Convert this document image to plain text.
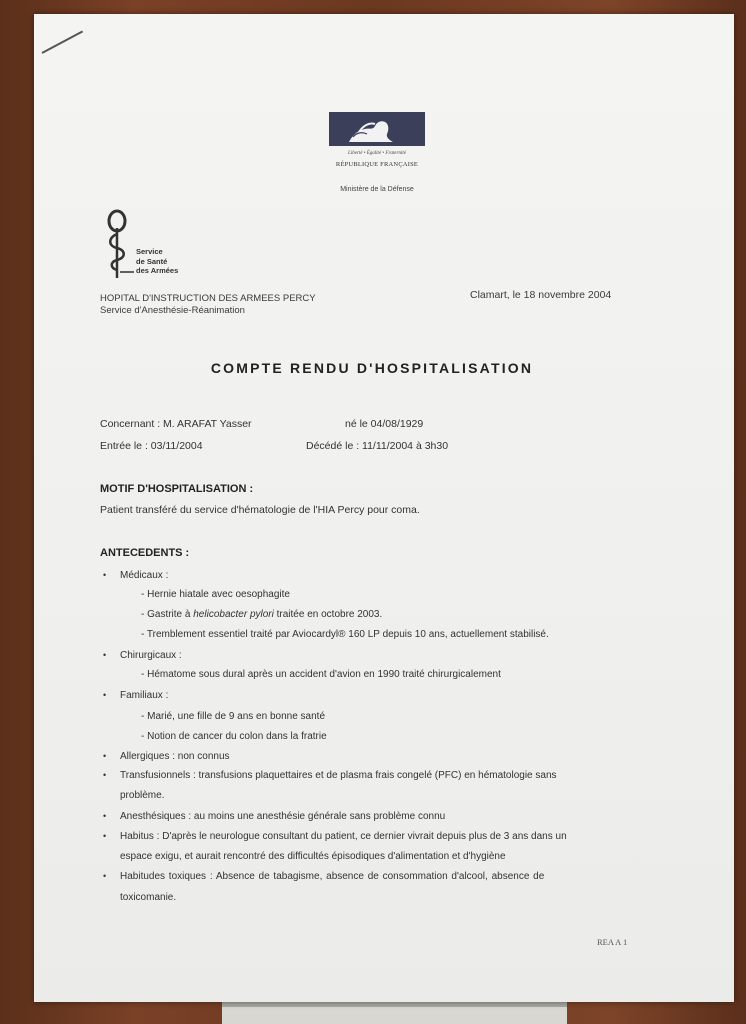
Liberté • Égalité • Fraternité
RÉPUBLIQUE FRANÇAISE
Ministère de la Défense
Service
de Santé
des Armées
HOPITAL D'INSTRUCTION DES ARMEES PERCY
Service d'Anesthésie-Réanimation
Clamart, le 18 novembre 2004
COMPTE RENDU D'HOSPITALISATION
Concernant : M. ARAFAT Yasser	né le 04/08/1929
Entrée le : 03/11/2004	Décédé le : 11/11/2004 à 3h30
MOTIF D'HOSPITALISATION :
Patient transféré du service d'hématologie de l'HIA Percy pour coma.
ANTECEDENTS :
• Médicaux :
- Hernie hiatale avec oesophagite
- Gastrite à helicobacter pylori traitée en octobre 2003.
- Tremblement essentiel traité par Aviocardyl® 160 LP depuis 10 ans, actuellement stabilisé.
• Chirurgicaux :
- Hématome sous dural après un accident d'avion en 1990 traité chirurgicalement
• Familiaux :
- Marié, une fille de 9 ans en bonne santé
- Notion de cancer du colon dans la fratrie
• Allergiques : non connus
• Transfusionnels : transfusions plaquettaires et de plasma frais congelé (PFC) en hématologie sans
problème.
• Anesthésiques : au moins une anesthésie générale sans problème connu
• Habitus : D'après le neurologue consultant du patient, ce dernier vivrait depuis plus de 3 ans dans un
espace exigu, et aurait rencontré des difficultés épisodiques d'alimentation et d'hygiène
• Habitudes toxiques : Absence de tabagisme, absence de consommation d'alcool, absence de
toxicomanie.
REA A 1
